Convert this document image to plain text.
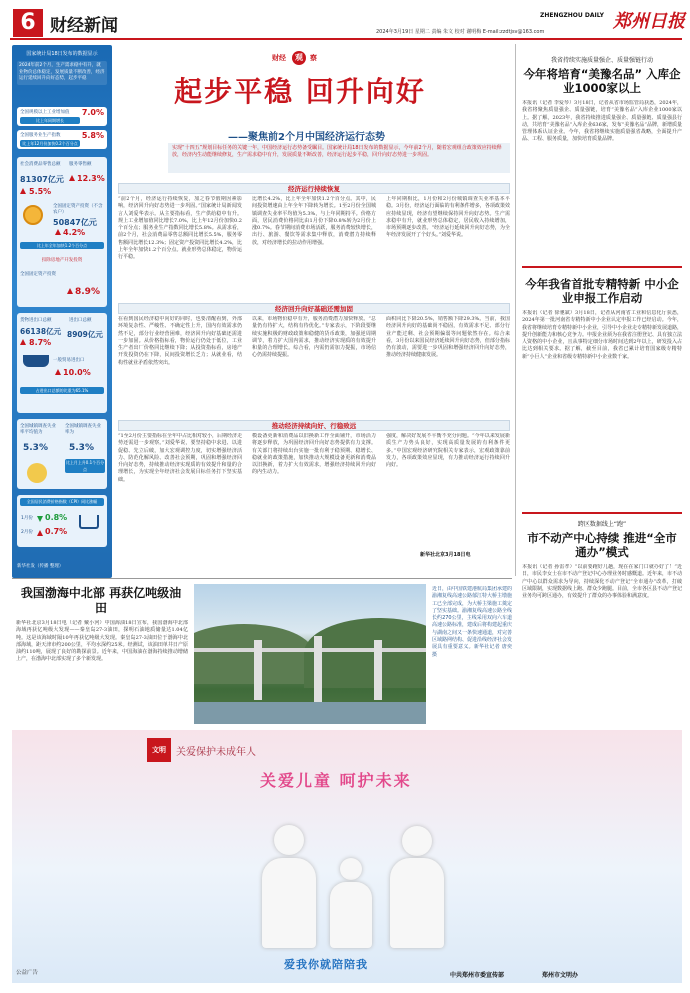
6 财经新闻	2024年3月19日 星期二 责编 朱文 校对 谢明梅 E-mail:zzdtjsv@163.com
ZHENGZHOU DAILY 郑州日报
国家统计局18日发布的数据显示
2024年前2个月，生产需求稳中有升，就业物价总体稳定，发展质量不断改善，经济运行延续回升向好态势，起步平稳
全国规模以上工业增加值 7.0%
比上年同期增长
全国服务业生产指数	5.8%
比上年12月份加快0.2个百分点
社会消费品零售总额
81307亿元
5.5%
服务零售额
12.3%
全国固定资产投资（不含农户）
50847亿元
4.2%
比上年全年加快1.2个百分点
扣除房地产开发投资
全国固定资产投资
8.9%
货物进出口总额
66138亿元
8.7%
进出口总额
8909亿元
一般贸易进出口
10.0%
占进出口总额的比重为65.1%
全国城镇调查失业率平均值为
5.3%
全国城镇调查失业率为
5.3%
比上月上升0.1个百分点
全国居民消费价格指数（CPI）同比涨幅
1月份 0.8%
2月份 0.7%
新华社发（传播 整理）
财经	观	察
起步平稳 回升向好
——聚焦前2个月中国经济运行态势
实现“十四五”规划目标任务的关键一年，中国经济运行态势备受瞩目。国家统计局18日发布的数据显示，今年前2个月，随着宏观组合政策效应持续释放，经济内生动能继续修复，生产需求稳中有升，发展质量不断改善，经济运行起步平稳，回升向好态势进一步巩固。
经济运行持续恢复
“前2个月，经济运行持续恢复，加之春节假期因素影响，经济回升向好态势进一步巩固。”国家统计局新闻发言人刘爱华表示。从主要指标看，生产供给稳中有升。规上工业增加值同比增长7.0%，比上年12月份加快0.2个百分点；服务业生产指数同比增长5.8%。从需求看，前2个月，社会消费品零售总额同比增长5.5%，服务零售额同比增长12.3%；固定资产投资同比增长4.2%，比上年全年加快1.2个百分点。就业形势总体稳定，物价运行平稳。
比增长4.2%，比上年全年加快1.2个百分点。其中，民间投资增速由上年全年下降转为增长。1至2月份全国城镇调查失业率平均值为5.3%，与上年同期持平。价格方面，居民消费价格同比由1月份下降0.8%转为2月份上涨0.7%。春节期间消费市场活跃，服务消费较快增长，出行、旅游、餐饮等需求集中释放，消费潜力持续释放，对经济增长的拉动作用增强。
上年同期相比，1月份和2月份城镇调查失业率基本平稳。3月份，经济运行面临的有利条件增多，各项政策效应持续显现，经济有望继续保持回升向好态势。生产需求稳中有升，就业形势总体稳定，居民收入持续增加，市场预期逐步改善。“经济运行延续回升向好态势，为全年经济发展开了个好头。”刘爱华说。
经济回升向好基础还需加固
在看到国民经济稳中向好的同时，也要清醒看到，外部环境复杂性、严峻性、不确定性上升，国内有效需求仍然不足，部分行业经营困难，经济回升向好基础还需进一步加固。从价格指标看，物价运行仍处于低位，工业生产者出厂价格同比继续下降；从投资指标看，房地产开发投资仍在下降，民间投资增长乏力；从就业看，结构性就业矛盾依然突出。
以来，市场物价稳中有升，服务消费潜力加快释放。“总量仍有待扩大，结构有待优化。”专家表示，下阶段要继续实施积极的财政政策和稳健的货币政策，加强逆周期调节，着力扩大国内需求，推动经济实现质的有效提升和量的合理增长。综合看，内需仍需加力提振，市场信心仍需持续提振。
面积同比下降20.5%，销售额下降29.3%。当前，我国经济回升向好的基础尚不稳固，有效需求不足、部分行业产能过剩、社会预期偏弱等问题依然存在。综合来看，3月份以来国民经济延续回升向好态势，但部分指标仍有波动，需要进一步巩固和增强经济回升向好态势，推动经济持续健康发展。
推动经济持续向好、行稳致远
“1至2月份主要指标在全年中占比相对较小，后期经济走势还需进一步观察。”刘爱华说，要坚持稳中求进、以进促稳、先立后破，加大宏观调控力度，切实增强经济活力、防范化解风险、改善社会预期，巩固和增强经济回升向好态势，持续推动经济实现质的有效提升和量的合理增长，为实现全年经济社会发展目标任务打下坚实基础。
模设备更新和消费品以旧换新工作全面铺开，市场活力将逐步释放，为巩固经济回升向好态势提供有力支撑。有关部门将持续出台实施一批有利于稳预期、稳增长、稳就业的政策措施，加快推动大规模设备更新和消费品以旧换新，着力扩大有效需求，增强经济持续回升向好的内生动力。
强度，解决好发展不平衡不充分问题。“今年以来发展新质生产力势头良好，实现高质量发展的有利条件更多。”中国宏观经济研究院相关专家表示，宏观政策靠前发力，各项政策效应显现，有力推动经济运行持续回升向好。
新华社北京3月18日电
我省持续实施质量强企、质量强链行动
今年将培育“美豫名品” 入库企业1000家以上
本报讯（记者 李爱琴）3月18日，记者从省市场监管局获悉，2024年，我省将聚焦质量强企、质量强链，培育“美豫名品”入库企业1000家以上。据了解，2023年，我省持续推进质量强企、质量强链、质量强县行动，共培育“美豫名品”入库企业636家，发布“美豫名品”品牌，新增质量管理体系认证企业。今年，我省将继续实施质量强省战略，全面提升产品、工程、服务质量，加快培育质量品牌。
今年我省首批专精特新 中小企业申报工作启动
本报讯（记者 徐驰斌）3月18日，记者从河南省工业和信息化厅获悉，2024年第一批河南省专精特新中小企业认定申报工作已经启动。今年，我省将继续培育专精特新中小企业，引导中小企业走专精特新发展道路，提升创新能力和核心竞争力。申报企业须为在我省注册登记、具有独立法人资格的中小企业，且从事特定细分市场时间达到2年以上，研发投入占比达到相关要求。据了解，截至目前，我省已累计培育国家级专精特新“小巨人”企业和省级专精特新中小企业数千家。
跨区数据线上“跑”
市不动产中心持续 推进“全市通办”模式
本报讯（记者 孙雷孝）“以前要跑好几趟，现在在家门口就办好了！”近日，市民李女士在市不动产登记中心办理业务时感慨道。近年来，市不动产中心以群众需求为导向，持续深化不动产登记“全市通办”改革，打破区域限制，实现数据线上跑、群众少跑腿。目前，全市各区县不动产登记业务均可跨区通办，有效提升了群众的办事体验和满意度。
我国渤海中北部 再获亿吨级油田
新华社北京3月18日电（记者 戴小河）中国海油18日宣布，我国渤海中北部海域再获亿吨级大发现——秦皇岛27-3油田，探明石油地质储量达1.04亿吨。这是该海域时隔10年再获亿吨级大发现。秦皇岛27-3油田位于渤海中北部海域，距天津市约200公里，平均水深约25米。经测试，该油田单井日产原油约110吨，展现了良好的勘探前景。近年来，中国海油在渤海持续推动增储上产，在渤海中北部实现了多个新发现。
近日，由中国铁建港航局集团承建的渝湘复线高速公路郁江特大桥主墩施工已全部完成，为大桥主梁施工奠定了坚实基础。渝湘复线高速公路全线长约270公里，主线采用双向六车道高速公路标准，建成后将构建起重庆与湖南之间又一条快速通道，对完善区域路网结构、促进沿线经济社会发展具有重要意义。新华社记者 唐奕 摄
文明	关爱保护未成年人
关爱儿童 呵护未来
爱我你就陪陪我
公益广告	中共郑州市委宣传部	郑州市文明办
